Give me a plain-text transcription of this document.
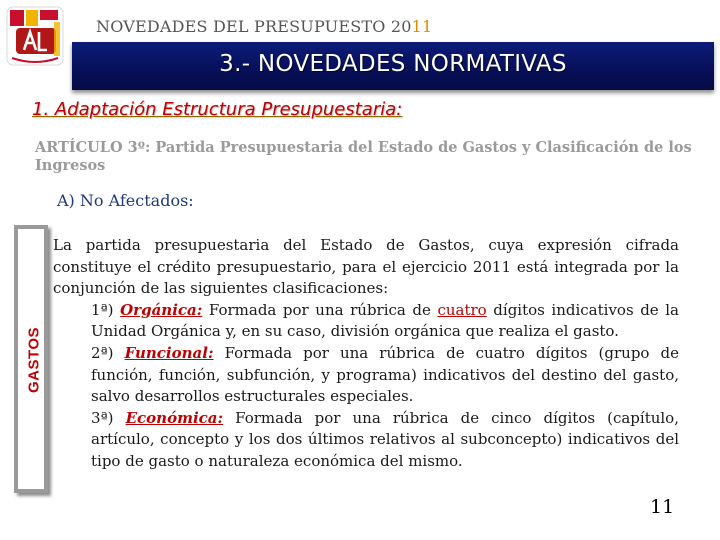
NOVEDADES DEL PRESUPUESTO 2011
3.- NOVEDADES NORMATIVAS
1. Adaptación Estructura Presupuestaria:
ARTÍCULO 3º: Partida Presupuestaria del Estado de Gastos y Clasificación de los Ingresos
A) No Afectados:
GASTOS

La partida presupuestaria del Estado de Gastos, cuya expresión cifrada constituye el crédito presupuestario, para el ejercicio 2011 está integrada por la conjunción de las siguientes clasificaciones:

1ª) Orgánica: Formada por una rúbrica de cuatro dígitos indicativos de la Unidad Orgánica y, en su caso, división orgánica que realiza el gasto.

2ª) Funcional: Formada por una rúbrica de cuatro dígitos (grupo de función, función, subfunción, y programa) indicativos del destino del gasto, salvo desarrollos estructurales especiales.

3ª) Económica: Formada por una rúbrica de cinco dígitos (capítulo, artículo, concepto y los dos últimos relativos al subconcepto) indicativos del tipo de gasto o naturaleza económica del mismo.

11
